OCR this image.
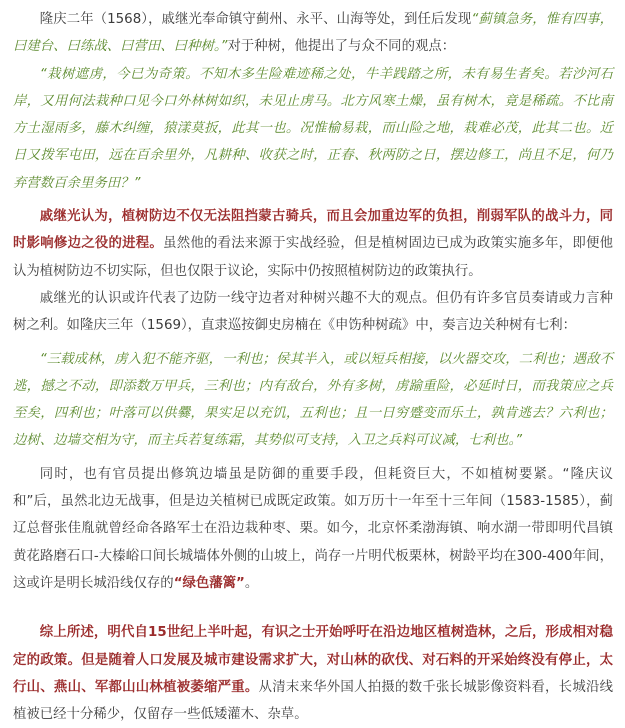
隆庆二年（1568），戚继光奉命镇守蓟州、永平、山海等处，到任后发现“蓟镇急务，惟有四事，曰建台、曰练战、曰营田、曰种树。”对于种树，他提出了与众不同的观点：

“栽树遮虏，今已为奇策。不知木多生险难迹稀之处，牛羊践踏之所，未有易生者矣。若沙河石岸，又用何法栽种口见今口外林树如织，未见止虏马。北方风寒土燥，虽有树木，竟是稀疏。不比南方土湿雨多，藤木纠缠，猿漾莫扳，此其一也。况惟榆易栽，而山险之地，栽难必茂，此其二也。近日又拨军屯田，远在百余里外，凡耕种、收获之时，正春、秋两防之日，摆边修工，尚且不足，何乃弃营数百余里务田？”

戚继光认为，植树防边不仅无法阻挡蒙古骑兵，而且会加重边军的负担，削弱军队的战斗力，同时影响修边之役的进程。虽然他的看法来源于实战经验，但是植树固边已成为政策实施多年，即便他认为植树防边不切实际，但也仅限于议论，实际中仍按照植树防边的政策执行。

戚继光的认识或许代表了边防一线守边者对种树兴趣不大的观点。但仍有许多官员奏请或力言种树之利。如隆庆三年（1569），直隶巡按御史房楠在《申饬种树疏》中，奏言边关种树有七利：

“三载成林，虏入犯不能齐驱，一利也；侯其半入，或以短兵相接，以火器交攻，二利也；遇敌不逃，撼之不动，即添数万甲兵，三利也；内有敌台，外有多树，虏踰重险，必延时日，而我策应之兵至矣，四利也；叶落可以供爨，果实足以充饥，五利也；且一日穷蹙变而乐土，孰肯逃去？六利也；边树、边墙交相为守，而主兵若复练霜，其势似可支持，入卫之兵料可议减，七利也。”

同时，也有官员提出修筑边墙虽是防御的重要手段，但耗资巨大，不如植树要紧。“隆庆议和”后，虽然北边无战事，但是边关植树已成既定政策。如万历十一年至十三年间（1583-1585），蓟辽总督张佳胤就曾经命各路军士在沿边栽种枣、栗。如今，北京怀柔渤海镇、响水湖一带即明代昌镇黄花路磨石口-大榛峪口间长城墙体外侧的山坡上，尚存一片明代板栗林，树龄平均在300-400年间，这或许是明长城沿线仅存的“绿色藩篱”。

综上所述，明代自15世纪上半叶起，有识之士开始呼吁在沿边地区植树造林，之后，形成相对稳定的政策。但是随着人口发展及城市建设需求扩大，对山林的砍伐、对石料的开采始终没有停止，太行山、燕山、军都山山林植被萎缩严重。从清末来华外国人拍摄的数千张长城影像资料看，长城沿线植被已经十分稀少，仅留存一些低矮灌木、杂草。
